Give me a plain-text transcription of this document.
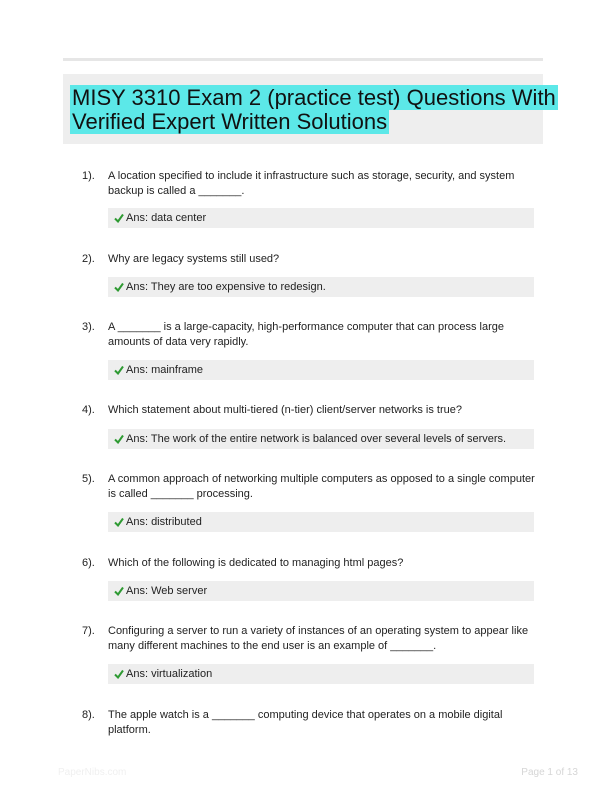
MISY 3310 Exam 2 (practice test) Questions With Verified Expert Written Solutions
1). A location specified to include it infrastructure such as storage, security, and system backup is called a _______.
Ans: data center
2). Why are legacy systems still used?
Ans: They are too expensive to redesign.
3). A _______ is a large-capacity, high-performance computer that can process large amounts of data very rapidly.
Ans: mainframe
4). Which statement about multi-tiered (n-tier) client/server networks is true?
Ans: The work of the entire network is balanced over several levels of servers.
5). A common approach of networking multiple computers as opposed to a single computer is called _______ processing.
Ans: distributed
6). Which of the following is dedicated to managing html pages?
Ans: Web server
7). Configuring a server to run a variety of instances of an operating system to appear like many different machines to the end user is an example of _______.
Ans: virtualization
8). The apple watch is a _______ computing device that operates on a mobile digital platform.
PaperNibs.com	Page 1 of 13
